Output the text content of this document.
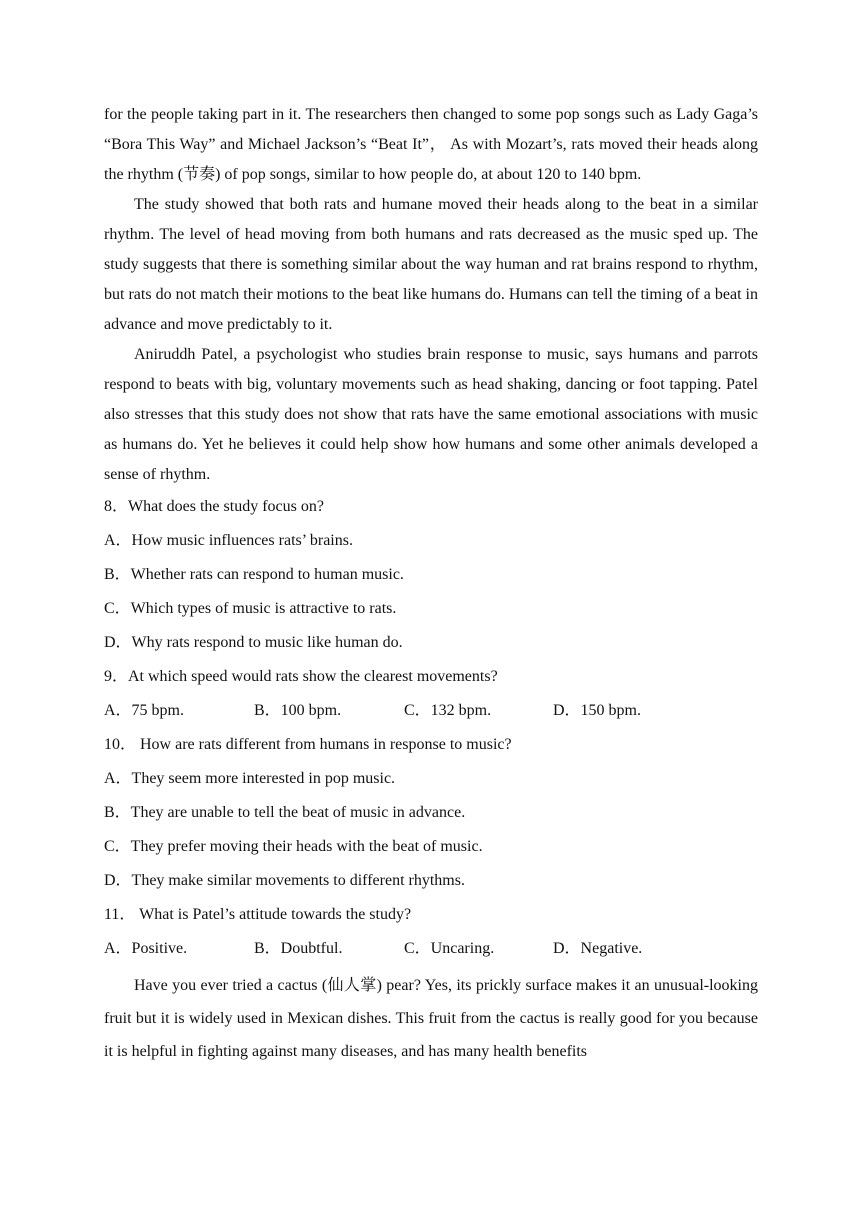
for the people taking part in it. The researchers then changed to some pop songs such as Lady Gaga’s “Bora This Way” and Michael Jackson’s “Beat It”， As with Mozart’s, rats moved their heads along the rhythm (节奏) of pop songs, similar to how people do, at about 120 to 140 bpm.

The study showed that both rats and humane moved their heads along to the beat in a similar rhythm. The level of head moving from both humans and rats decreased as the music sped up. The study suggests that there is something similar about the way human and rat brains respond to rhythm, but rats do not match their motions to the beat like humans do. Humans can tell the timing of a beat in advance and move predictably to it.

Aniruddh Patel, a psychologist who studies brain response to music, says humans and parrots respond to beats with big, voluntary movements such as head shaking, dancing or foot tapping. Patel also stresses that this study does not show that rats have the same emotional associations with music as humans do. Yet he believes it could help show how humans and some other animals developed a sense of rhythm.

8．What does the study focus on?

A．How music influences rats’ brains.

B．Whether rats can respond to human music.

C．Which types of music is attractive to rats.

D．Why rats respond to music like human do.

9．At which speed would rats show the clearest movements?

A．75 bpm.	B．100 bpm.	C．132 bpm.	D．150 bpm.

10． How are rats different from humans in response to music?

A．They seem more interested in pop music.

B．They are unable to tell the beat of music in advance.

C．They prefer moving their heads with the beat of music.

D．They make similar movements to different rhythms.

11． What is Patel’s attitude towards the study?

A．Positive.	B．Doubtful.	C．Uncaring.	D．Negative.

Have you ever tried a cactus (仙人掌) pear? Yes, its prickly surface makes it an unusual-looking fruit but it is widely used in Mexican dishes. This fruit from the cactus is really good for you because it is helpful in fighting against many diseases, and has many health benefits
